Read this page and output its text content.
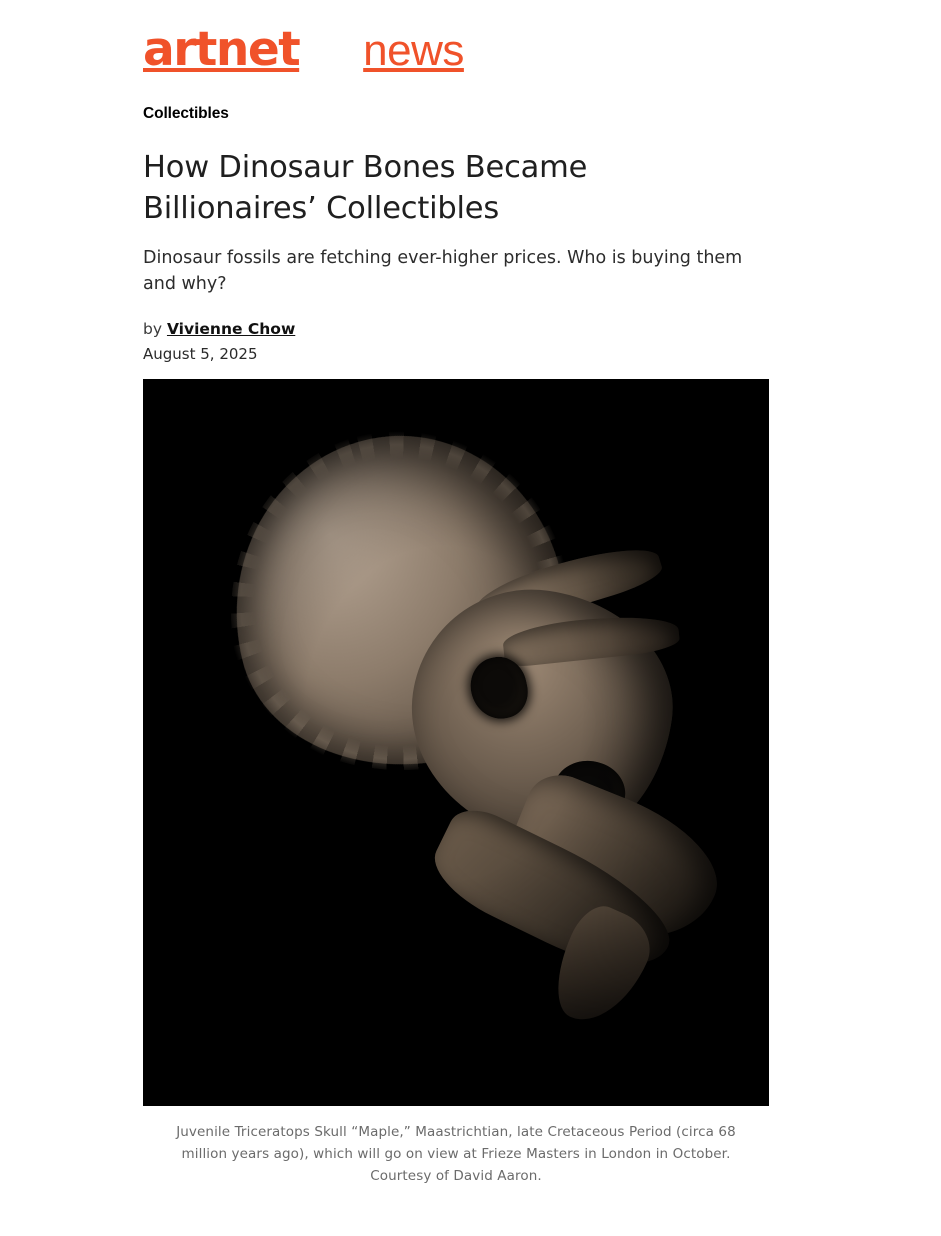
artnet news
Collectibles
How Dinosaur Bones Became Billionaires’ Collectibles

Dinosaur fossils are fetching ever-higher prices. Who is buying them and why?

by Vivienne Chow

August 5, 2025

Juvenile Triceratops Skull “Maple,” Maastrichtian, late Cretaceous Period (circa 68 million years ago), which will go on view at Frieze Masters in London in October. Courtesy of David Aaron.
